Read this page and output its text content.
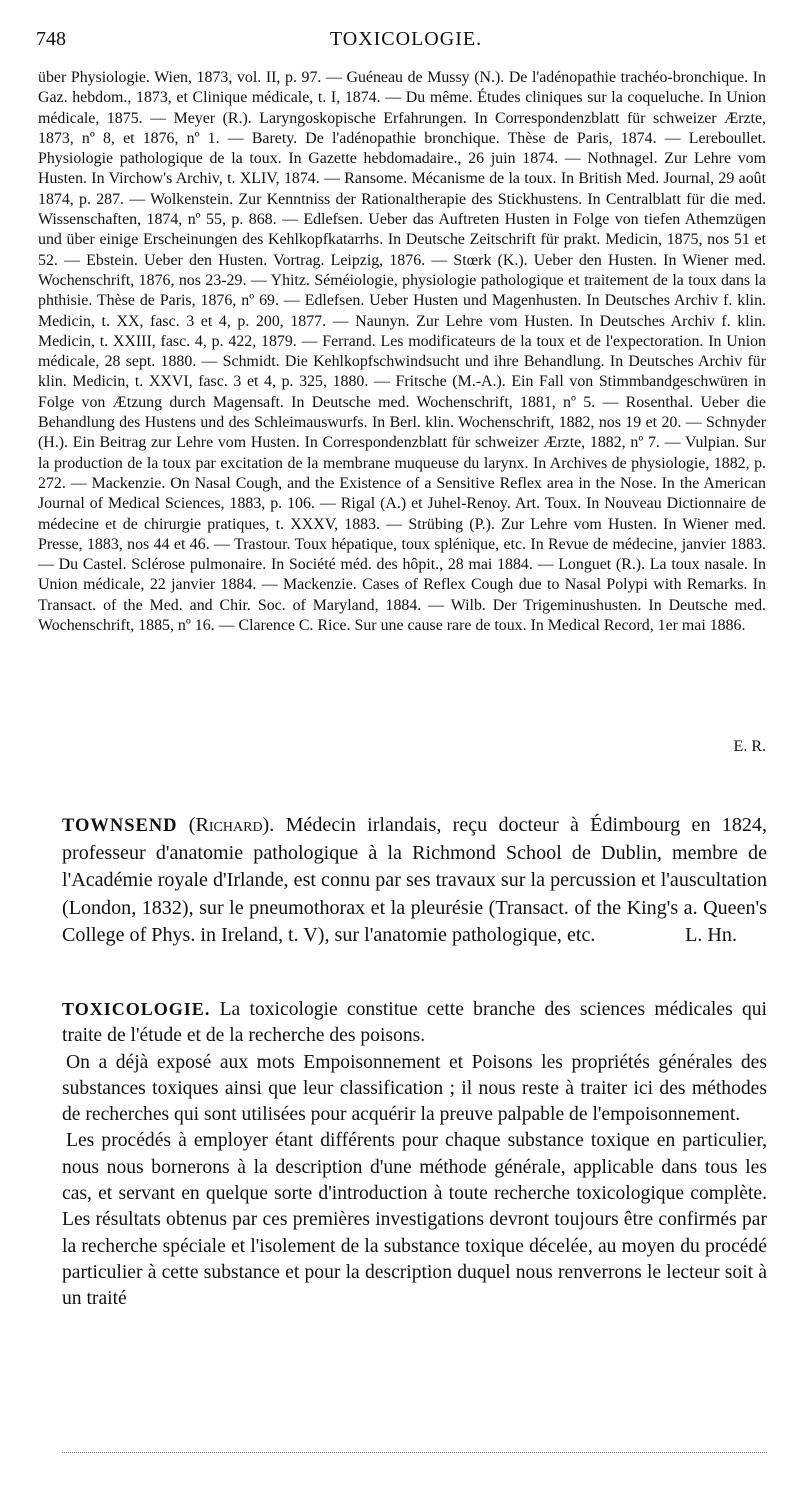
748	TOXICOLOGIE.

über Physiologie. Wien, 1873, vol. II, p. 97. — Guéneau de Mussy (N.). De l'adénopathie trachéo-bronchique. In Gaz. hebdom., 1873, et Clinique médicale, t. I, 1874. — Du même. Études cliniques sur la coqueluche. In Union médicale, 1875. — Meyer (R.). Laryngoskopische Erfahrungen. In Correspondenzblatt für schweizer Ærzte, 1873, nº 8, et 1876, nº 1. — Barety. De l'adénopathie bronchique. Thèse de Paris, 1874. — Lereboullet. Physiologie pathologique de la toux. In Gazette hebdomadaire., 26 juin 1874. — Nothnagel. Zur Lehre vom Husten. In Virchow's Archiv, t. XLIV, 1874. — Ransome. Mécanisme de la toux. In British Med. Journal, 29 août 1874, p. 287. — Wolkenstein. Zur Kenntniss der Rationaltherapie des Stickhustens. In Centralblatt für die med. Wissenschaften, 1874, nº 55, p. 868. — Edlefsen. Ueber das Auftreten Husten in Folge von tiefen Athemzügen und über einige Erscheinungen des Kehlkopfkatarrhs. In Deutsche Zeitschrift für prakt. Medicin, 1875, nos 51 et 52. — Ebstein. Ueber den Husten. Vortrag. Leipzig, 1876. — Stœrk (K.). Ueber den Husten. In Wiener med. Wochenschrift, 1876, nos 23-29. — Yhitz. Séméiologie, physiologie pathologique et traitement de la toux dans la phthisie. Thèse de Paris, 1876, nº 69. — Edlefsen. Ueber Husten und Magenhusten. In Deutsches Archiv f. klin. Medicin, t. XX, fasc. 3 et 4, p. 200, 1877. — Naunyn. Zur Lehre vom Husten. In Deutsches Archiv f. klin. Medicin, t. XXIII, fasc. 4, p. 422, 1879. — Ferrand. Les modificateurs de la toux et de l'expectoration. In Union médicale, 28 sept. 1880. — Schmidt. Die Kehlkopfschwindsucht und ihre Behandlung. In Deutsches Archiv für klin. Medicin, t. XXVI, fasc. 3 et 4, p. 325, 1880. — Fritsche (M.-A.). Ein Fall von Stimmbandgeschwüren in Folge von Ætzung durch Magensaft. In Deutsche med. Wochenschrift, 1881, nº 5. — Rosenthal. Ueber die Behandlung des Hustens und des Schleimauswurfs. In Berl. klin. Wochenschrift, 1882, nos 19 et 20. — Schnyder (H.). Ein Beitrag zur Lehre vom Husten. In Correspondenzblatt für schweizer Ærzte, 1882, nº 7. — Vulpian. Sur la production de la toux par excitation de la membrane muqueuse du larynx. In Archives de physiologie, 1882, p. 272. — Mackenzie. On Nasal Cough, and the Existence of a Sensitive Reflex area in the Nose. In the American Journal of Medical Sciences, 1883, p. 106. — Rigal (A.) et Juhel-Renoy. Art. Toux. In Nouveau Dictionnaire de médecine et de chirurgie pratiques, t. XXXV, 1883. — Strübing (P.). Zur Lehre vom Husten. In Wiener med. Presse, 1883, nos 44 et 46. — Trastour. Toux hépatique, toux splénique, etc. In Revue de médecine, janvier 1883. — Du Castel. Sclérose pulmonaire. In Société méd. des hôpit., 28 mai 1884. — Longuet (R.). La toux nasale. In Union médicale, 22 janvier 1884. — Mackenzie. Cases of Reflex Cough due to Nasal Polypi with Remarks. In Transact. of the Med. and Chir. Soc. of Maryland, 1884. — Wilb. Der Trigeminushusten. In Deutsche med. Wochenschrift, 1885, nº 16. — Clarence C. Rice. Sur une cause rare de toux. In Medical Record, 1er mai 1886.

E. R.

TOWNSEND (Richard). Médecin irlandais, reçu docteur à Édimbourg en 1824, professeur d'anatomie pathologique à la Richmond School de Dublin, membre de l'Académie royale d'Irlande, est connu par ses travaux sur la percussion et l'auscultation (London, 1832), sur le pneumothorax et la pleurésie (Transact. of the King's a. Queen's College of Phys. in Ireland, t. V), sur l'anatomie pathologique, etc.	L. Hn.

TOXICOLOGIE. La toxicologie constitue cette branche des sciences médicales qui traite de l'étude et de la recherche des poisons.

On a déjà exposé aux mots Empoisonnement et Poisons les propriétés générales des substances toxiques ainsi que leur classification ; il nous reste à traiter ici des méthodes de recherches qui sont utilisées pour acquérir la preuve palpable de l'empoisonnement.

Les procédés à employer étant différents pour chaque substance toxique en particulier, nous nous bornerons à la description d'une méthode générale, applicable dans tous les cas, et servant en quelque sorte d'introduction à toute recherche toxicologique complète. Les résultats obtenus par ces premières investigations devront toujours être confirmés par la recherche spéciale et l'isolement de la substance toxique décelée, au moyen du procédé particulier à cette substance et pour la description duquel nous renverrons le lecteur soit à un traité
